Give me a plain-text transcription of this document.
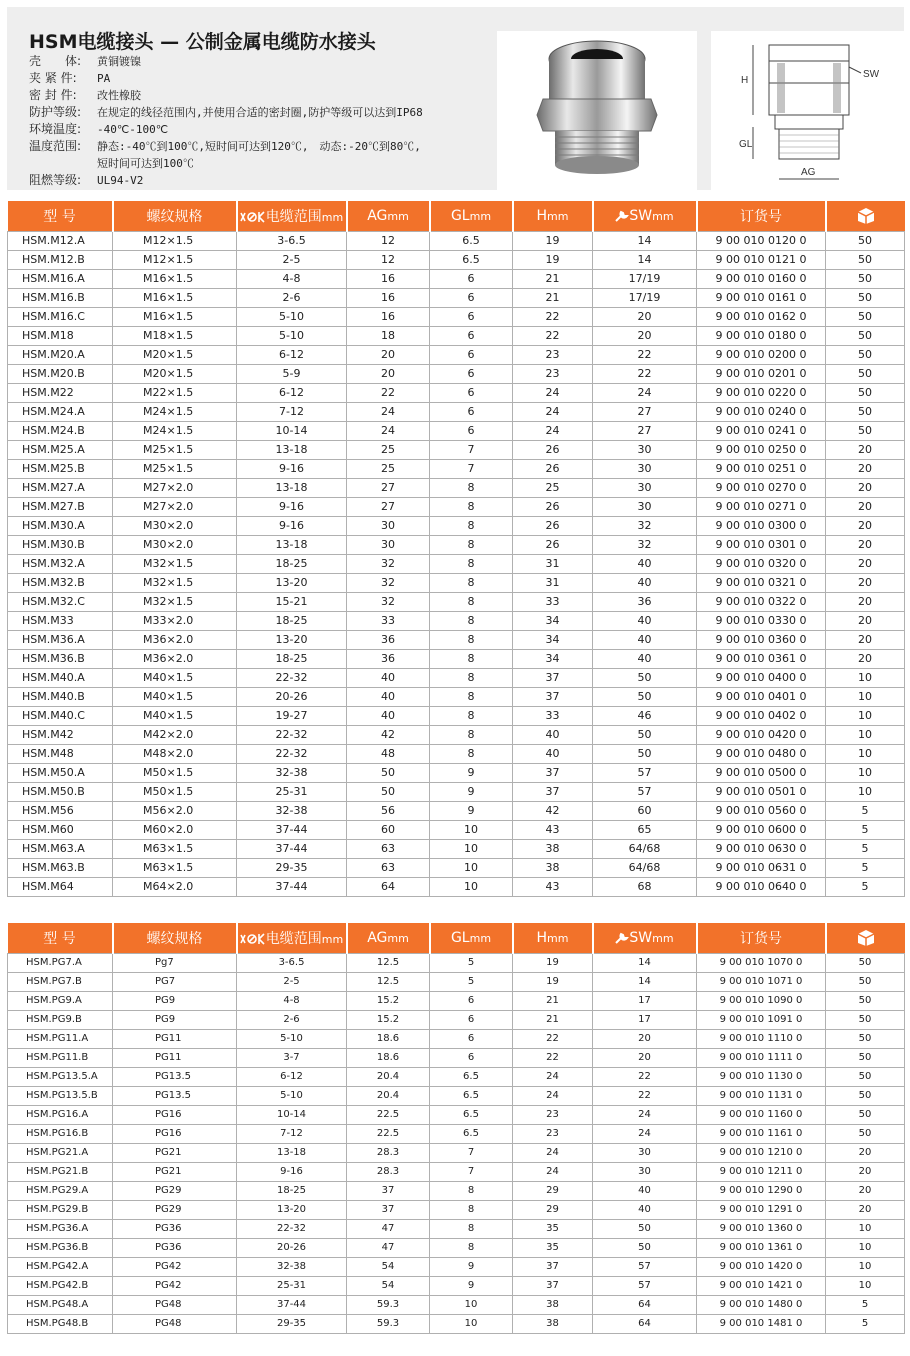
HSM电缆接头 — 公制金属电缆防水接头
壳　　体: 黄铜镀镍
夹 紧 件: PA
密 封 件: 改性橡胶
防护等级: 在规定的线径范围内,并使用合适的密封圈,防护等级可以达到IP68
环境温度: -40℃-100℃
温度范围: 静态:-40℃到100℃,短时间可达到120℃,　动态:-20℃到80℃,
短时间可达到100℃
阻燃等级: UL94-V2
SW
H
GL
AG
型 号	螺纹规格	电缆范围mm	AGmm	GLmm	Hmm	SWmm	订货号	
HSM.M12.A	M12×1.5	3-6.5	12	6.5	19	14	9 00 010 0120 0	50
HSM.M12.B	M12×1.5	2-5	12	6.5	19	14	9 00 010 0121 0	50
HSM.M16.A	M16×1.5	4-8	16	6	21	17/19	9 00 010 0160 0	50
HSM.M16.B	M16×1.5	2-6	16	6	21	17/19	9 00 010 0161 0	50
HSM.M16.C	M16×1.5	5-10	16	6	22	20	9 00 010 0162 0	50
HSM.M18	M18×1.5	5-10	18	6	22	20	9 00 010 0180 0	50
HSM.M20.A	M20×1.5	6-12	20	6	23	22	9 00 010 0200 0	50
HSM.M20.B	M20×1.5	5-9	20	6	23	22	9 00 010 0201 0	50
HSM.M22	M22×1.5	6-12	22	6	24	24	9 00 010 0220 0	50
HSM.M24.A	M24×1.5	7-12	24	6	24	27	9 00 010 0240 0	50
HSM.M24.B	M24×1.5	10-14	24	6	24	27	9 00 010 0241 0	50
HSM.M25.A	M25×1.5	13-18	25	7	26	30	9 00 010 0250 0	20
HSM.M25.B	M25×1.5	9-16	25	7	26	30	9 00 010 0251 0	20
HSM.M27.A	M27×2.0	13-18	27	8	25	30	9 00 010 0270 0	20
HSM.M27.B	M27×2.0	9-16	27	8	26	30	9 00 010 0271 0	20
HSM.M30.A	M30×2.0	9-16	30	8	26	32	9 00 010 0300 0	20
HSM.M30.B	M30×2.0	13-18	30	8	26	32	9 00 010 0301 0	20
HSM.M32.A	M32×1.5	18-25	32	8	31	40	9 00 010 0320 0	20
HSM.M32.B	M32×1.5	13-20	32	8	31	40	9 00 010 0321 0	20
HSM.M32.C	M32×1.5	15-21	32	8	33	36	9 00 010 0322 0	20
HSM.M33	M33×2.0	18-25	33	8	34	40	9 00 010 0330 0	20
HSM.M36.A	M36×2.0	13-20	36	8	34	40	9 00 010 0360 0	20
HSM.M36.B	M36×2.0	18-25	36	8	34	40	9 00 010 0361 0	20
HSM.M40.A	M40×1.5	22-32	40	8	37	50	9 00 010 0400 0	10
HSM.M40.B	M40×1.5	20-26	40	8	37	50	9 00 010 0401 0	10
HSM.M40.C	M40×1.5	19-27	40	8	33	46	9 00 010 0402 0	10
HSM.M42	M42×2.0	22-32	42	8	40	50	9 00 010 0420 0	10
HSM.M48	M48×2.0	22-32	48	8	40	50	9 00 010 0480 0	10
HSM.M50.A	M50×1.5	32-38	50	9	37	57	9 00 010 0500 0	10
HSM.M50.B	M50×1.5	25-31	50	9	37	57	9 00 010 0501 0	10
HSM.M56	M56×2.0	32-38	56	9	42	60	9 00 010 0560 0	5
HSM.M60	M60×2.0	37-44	60	10	43	65	9 00 010 0600 0	5
HSM.M63.A	M63×1.5	37-44	63	10	38	64/68	9 00 010 0630 0	5
HSM.M63.B	M63×1.5	29-35	63	10	38	64/68	9 00 010 0631 0	5
HSM.M64	M64×2.0	37-44	64	10	43	68	9 00 010 0640 0	5
型 号	螺纹规格	电缆范围mm	AGmm	GLmm	Hmm	SWmm	订货号	
HSM.PG7.A	Pg7	3-6.5	12.5	5	19	14	9 00 010 1070 0	50
HSM.PG7.B	PG7	2-5	12.5	5	19	14	9 00 010 1071 0	50
HSM.PG9.A	PG9	4-8	15.2	6	21	17	9 00 010 1090 0	50
HSM.PG9.B	PG9	2-6	15.2	6	21	17	9 00 010 1091 0	50
HSM.PG11.A	PG11	5-10	18.6	6	22	20	9 00 010 1110 0	50
HSM.PG11.B	PG11	3-7	18.6	6	22	20	9 00 010 1111 0	50
HSM.PG13.5.A	PG13.5	6-12	20.4	6.5	24	22	9 00 010 1130 0	50
HSM.PG13.5.B	PG13.5	5-10	20.4	6.5	24	22	9 00 010 1131 0	50
HSM.PG16.A	PG16	10-14	22.5	6.5	23	24	9 00 010 1160 0	50
HSM.PG16.B	PG16	7-12	22.5	6.5	23	24	9 00 010 1161 0	50
HSM.PG21.A	PG21	13-18	28.3	7	24	30	9 00 010 1210 0	20
HSM.PG21.B	PG21	9-16	28.3	7	24	30	9 00 010 1211 0	20
HSM.PG29.A	PG29	18-25	37	8	29	40	9 00 010 1290 0	20
HSM.PG29.B	PG29	13-20	37	8	29	40	9 00 010 1291 0	20
HSM.PG36.A	PG36	22-32	47	8	35	50	9 00 010 1360 0	10
HSM.PG36.B	PG36	20-26	47	8	35	50	9 00 010 1361 0	10
HSM.PG42.A	PG42	32-38	54	9	37	57	9 00 010 1420 0	10
HSM.PG42.B	PG42	25-31	54	9	37	57	9 00 010 1421 0	10
HSM.PG48.A	PG48	37-44	59.3	10	38	64	9 00 010 1480 0	5
HSM.PG48.B	PG48	29-35	59.3	10	38	64	9 00 010 1481 0	5
